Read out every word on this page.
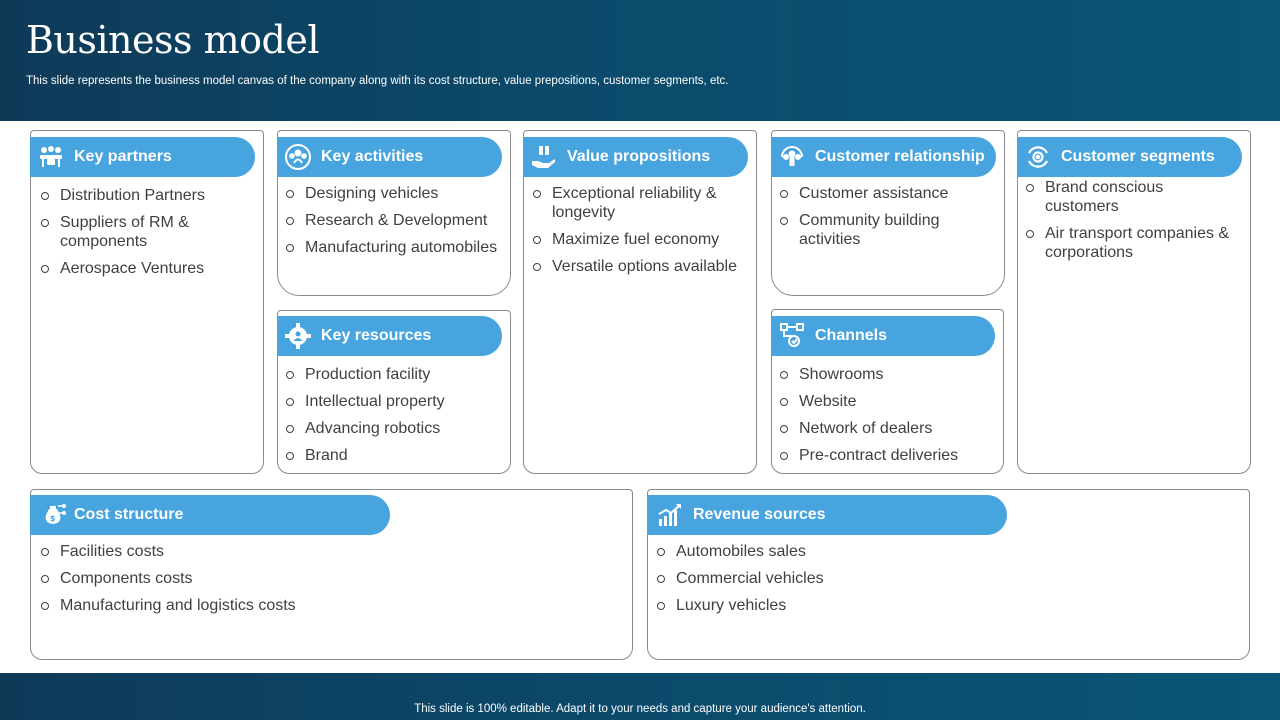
Business model
This slide represents the business model canvas of the company along with its cost structure, value prepositions, customer segments, etc.
Key partners
Distribution Partners
Suppliers of RM & components
Aerospace Ventures
Key activities
Designing vehicles
Research & Development
Manufacturing automobiles
Key resources
Production facility
Intellectual property
Advancing robotics
Brand
Value propositions
Exceptional reliability & longevity
Maximize fuel economy
Versatile options available
Customer relationship
Customer assistance
Community building activities
Channels
Showrooms
Website
Network of dealers
Pre-contract deliveries
Customer segments
Brand conscious customers
Air transport companies & corporations
$ Cost structure
Facilities costs
Components costs
Manufacturing and logistics costs
Revenue sources
Automobiles sales
Commercial vehicles
Luxury vehicles
This slide is 100% editable. Adapt it to your needs and capture your audience's attention.
